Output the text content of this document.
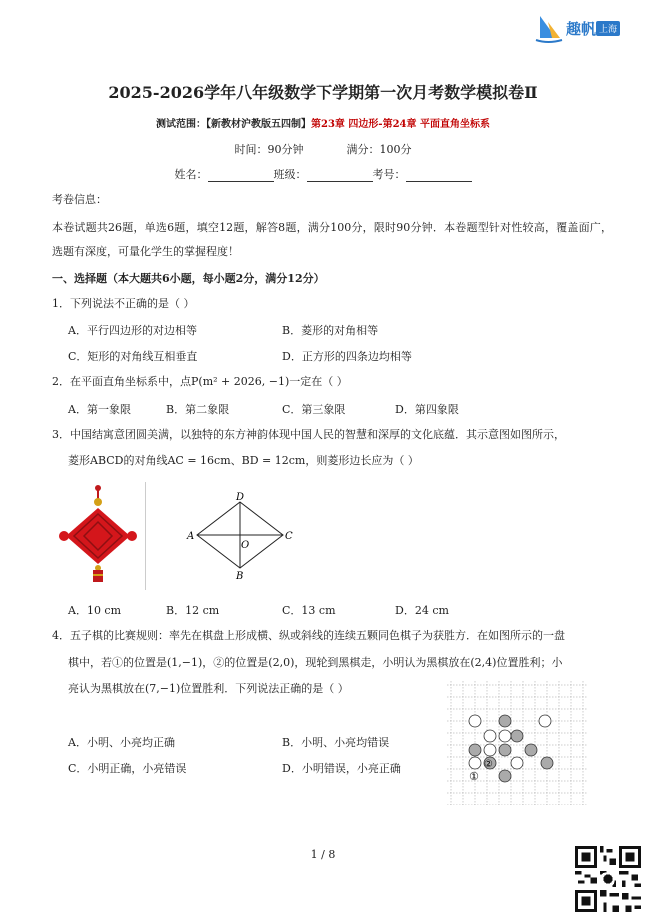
趣帆 上海
2025-2026学年八年级数学下学期第一次月考数学模拟卷Ⅱ
测试范围：【新教材沪教版五四制】第23章 四边形-第24章 平面直角坐标系
时间：90分钟	满分：100分
姓名：	班级：	考号：
考卷信息：
本卷试题共26题，单选6题，填空12题，解答8题，满分100分，限时90分钟．本卷题型针对性较高，覆盖面广，选题有深度，可量化学生的掌握程度！
一、选择题（本大题共6小题，每小题2分，满分12分）
1．下列说法不正确的是（ ）
A．平行四边形的对边相等	B．菱形的对角相等
C．矩形的对角线互相垂直	D．正方形的四条边均相等
2．在平面直角坐标系中，点P(m² + 2026, −1)一定在（ ）
A．第一象限	B．第二象限	C．第三象限	D．第四象限
3．中国结寓意团圆美满，以独特的东方神韵体现中国人民的智慧和深厚的文化底蕴．其示意图如图所示，
菱形ABCD的对角线AC = 16cm、BD = 12cm，则菱形边长应为（ ）
D
A	C
B
O
A．10 cm	B．12 cm	C．13 cm	D．24 cm
4．五子棋的比赛规则：率先在棋盘上形成横、纵或斜线的连续五颗同色棋子为获胜方．在如图所示的一盘
棋中，若①的位置是(1,−1)，②的位置是(2,0)，现轮到黑棋走，小明认为黑棋放在(2,4)位置胜利；小
亮认为黑棋放在(7,−1)位置胜利．下列说法正确的是（ ）
A．小明、小亮均正确	B．小明、小亮均错误
C．小明正确，小亮错误	D．小明错误，小亮正确	②
①
1 / 8
